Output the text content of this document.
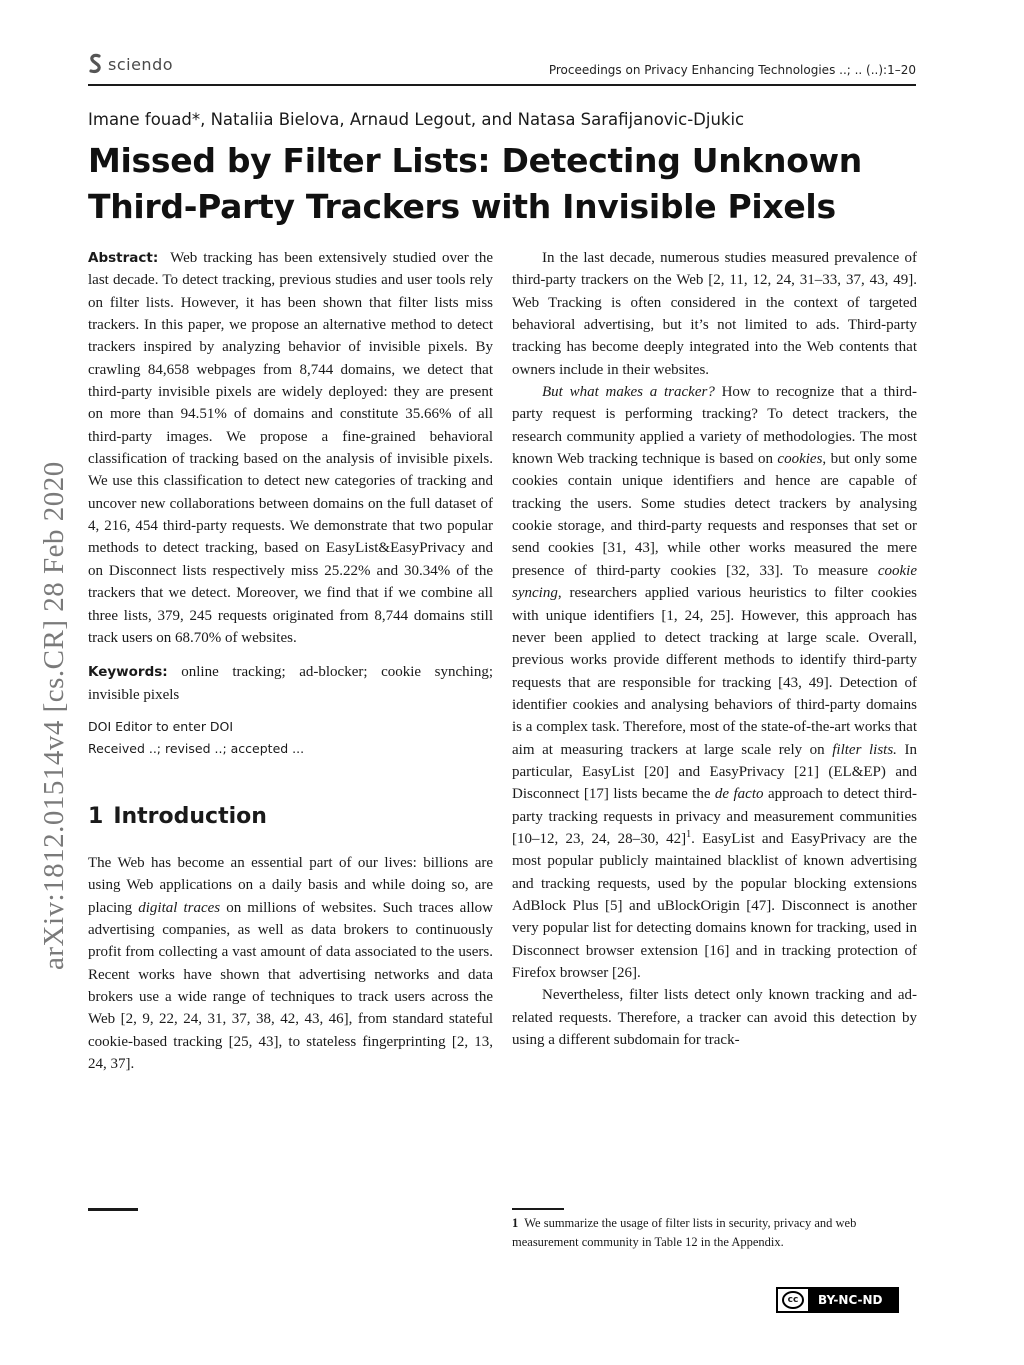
sciendo	Proceedings on Privacy Enhancing Technologies ..; .. (..):1–20
Imane fouad*, Nataliia Bielova, Arnaud Legout, and Natasa Sarafijanovic-Djukic
Missed by Filter Lists: Detecting Unknown
Third-Party Trackers with Invisible Pixels
arXiv:1812.01514v4 [cs.CR] 28 Feb 2020

Abstract: Web tracking has been extensively studied over the last decade. To detect tracking, previous studies and user tools rely on filter lists. However, it has been shown that filter lists miss trackers. In this paper, we propose an alternative method to detect trackers inspired by analyzing behavior of invisible pixels. By crawling 84,658 webpages from 8,744 domains, we detect that third-party invisible pixels are widely deployed: they are present on more than 94.51% of domains and constitute 35.66% of all third-party images. We propose a fine-grained behavioral classification of tracking based on the analysis of invisible pixels. We use this classification to detect new categories of tracking and uncover new collaborations between domains on the full dataset of 4, 216, 454 third-party requests. We demonstrate that two popular methods to detect tracking, based on EasyList&EasyPrivacy and on Disconnect lists respectively miss 25.22% and 30.34% of the trackers that we detect. Moreover, we find that if we combine all three lists, 379, 245 requests originated from 8,744 domains still track users on 68.70% of websites.

Keywords: online tracking; ad-blocker; cookie synching; invisible pixels

DOI Editor to enter DOI
Received ..; revised ..; accepted ...
1 Introduction

The Web has become an essential part of our lives: billions are using Web applications on a daily basis and while doing so, are placing digital traces on millions of websites. Such traces allow advertising companies, as well as data brokers to continuously profit from collecting a vast amount of data associated to the users. Recent works have shown that advertising networks and data brokers use a wide range of techniques to track users across the Web [2, 9, 22, 24, 31, 37, 38, 42, 43, 46], from standard stateful cookie-based tracking [25, 43], to stateless fingerprinting [2, 13, 24, 37].

In the last decade, numerous studies measured prevalence of third-party trackers on the Web [2, 11, 12, 24, 31–33, 37, 43, 49]. Web Tracking is often considered in the context of targeted behavioral advertising, but it’s not limited to ads. Third-party tracking has become deeply integrated into the Web contents that owners include in their websites.

But what makes a tracker? How to recognize that a third-party request is performing tracking? To detect trackers, the research community applied a variety of methodologies. The most known Web tracking technique is based on cookies, but only some cookies contain unique identifiers and hence are capable of tracking the users. Some studies detect trackers by analysing cookie storage, and third-party requests and responses that set or send cookies [31, 43], while other works measured the mere presence of third-party cookies [32, 33]. To measure cookie syncing, researchers applied various heuristics to filter cookies with unique identifiers [1, 24, 25]. However, this approach has never been applied to detect tracking at large scale. Overall, previous works provide different methods to identify third-party requests that are responsible for tracking [43, 49]. Detection of identifier cookies and analysing behaviors of third-party domains is a complex task. Therefore, most of the state-of-the-art works that aim at measuring trackers at large scale rely on filter lists. In particular, EasyList [20] and EasyPrivacy [21] (EL&EP) and Disconnect [17] lists became the de facto approach to detect third-party tracking requests in privacy and measurement communities [10–12, 23, 24, 28–30, 42]$^1$. EasyList and EasyPrivacy are the most popular publicly maintained blacklist of known advertising and tracking requests, used by the popular blocking extensions AdBlock Plus [5] and uBlockOrigin [47]. Disconnect is another very popular list for detecting domains known for tracking, used in Disconnect browser extension [16] and in tracking protection of Firefox browser [26].

Nevertheless, filter lists detect only known tracking and ad-related requests. Therefore, a tracker can avoid this detection by using a different subdomain for track-

1 We summarize the usage of filter lists in security, privacy and web measurement community in Table 12 in the Appendix.
cc	BY-NC-ND
